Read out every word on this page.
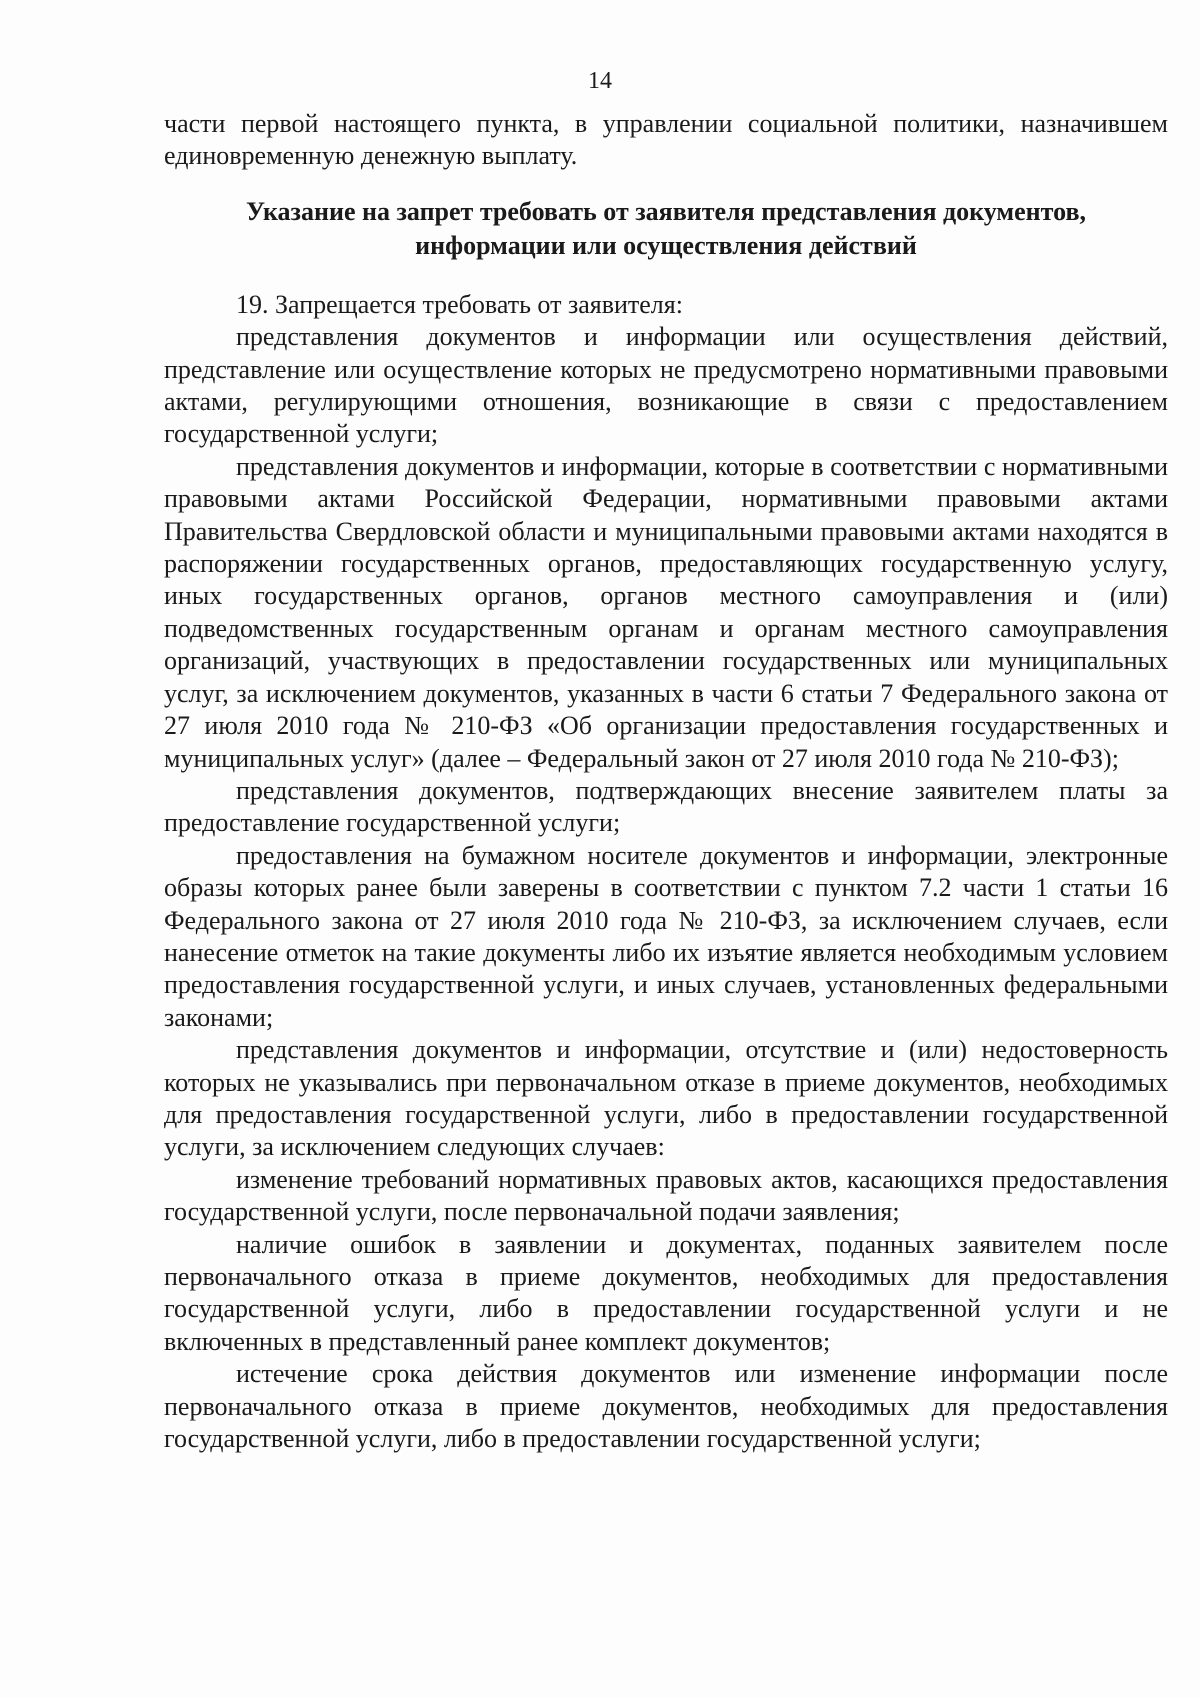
14

части первой настоящего пункта, в управлении социальной политики, назначившем единовременную денежную выплату.

Указание на запрет требовать от заявителя представления документов,
информации или осуществления действий

19. Запрещается требовать от заявителя:

представления документов и информации или осуществления действий, представление или осуществление которых не предусмотрено нормативными правовыми актами, регулирующими отношения, возникающие в связи с предоставлением государственной услуги;

представления документов и информации, которые в соответствии с нормативными правовыми актами Российской Федерации, нормативными правовыми актами Правительства Свердловской области и муниципальными правовыми актами находятся в распоряжении государственных органов, предоставляющих государственную услугу, иных государственных органов, органов местного самоуправления и (или) подведомственных государственным органам и органам местного самоуправления организаций, участвующих в предоставлении государственных или муниципальных услуг, за исключением документов, указанных в части 6 статьи 7 Федерального закона от 27 июля 2010 года № 210-ФЗ «Об организации предоставления государственных и муниципальных услуг» (далее – Федеральный закон от 27 июля 2010 года № 210-ФЗ);

представления документов, подтверждающих внесение заявителем платы за предоставление государственной услуги;

предоставления на бумажном носителе документов и информации, электронные образы которых ранее были заверены в соответствии с пунктом 7.2 части 1 статьи 16 Федерального закона от 27 июля 2010 года № 210-ФЗ, за исключением случаев, если нанесение отметок на такие документы либо их изъятие является необходимым условием предоставления государственной услуги, и иных случаев, установленных федеральными законами;

представления документов и информации, отсутствие и (или) недостоверность которых не указывались при первоначальном отказе в приеме документов, необходимых для предоставления государственной услуги, либо в предоставлении государственной услуги, за исключением следующих случаев:

изменение требований нормативных правовых актов, касающихся предоставления государственной услуги, после первоначальной подачи заявления;

наличие ошибок в заявлении и документах, поданных заявителем после первоначального отказа в приеме документов, необходимых для предоставления государственной услуги, либо в предоставлении государственной услуги и не включенных в представленный ранее комплект документов;

истечение срока действия документов или изменение информации после первоначального отказа в приеме документов, необходимых для предоставления государственной услуги, либо в предоставлении государственной услуги;
